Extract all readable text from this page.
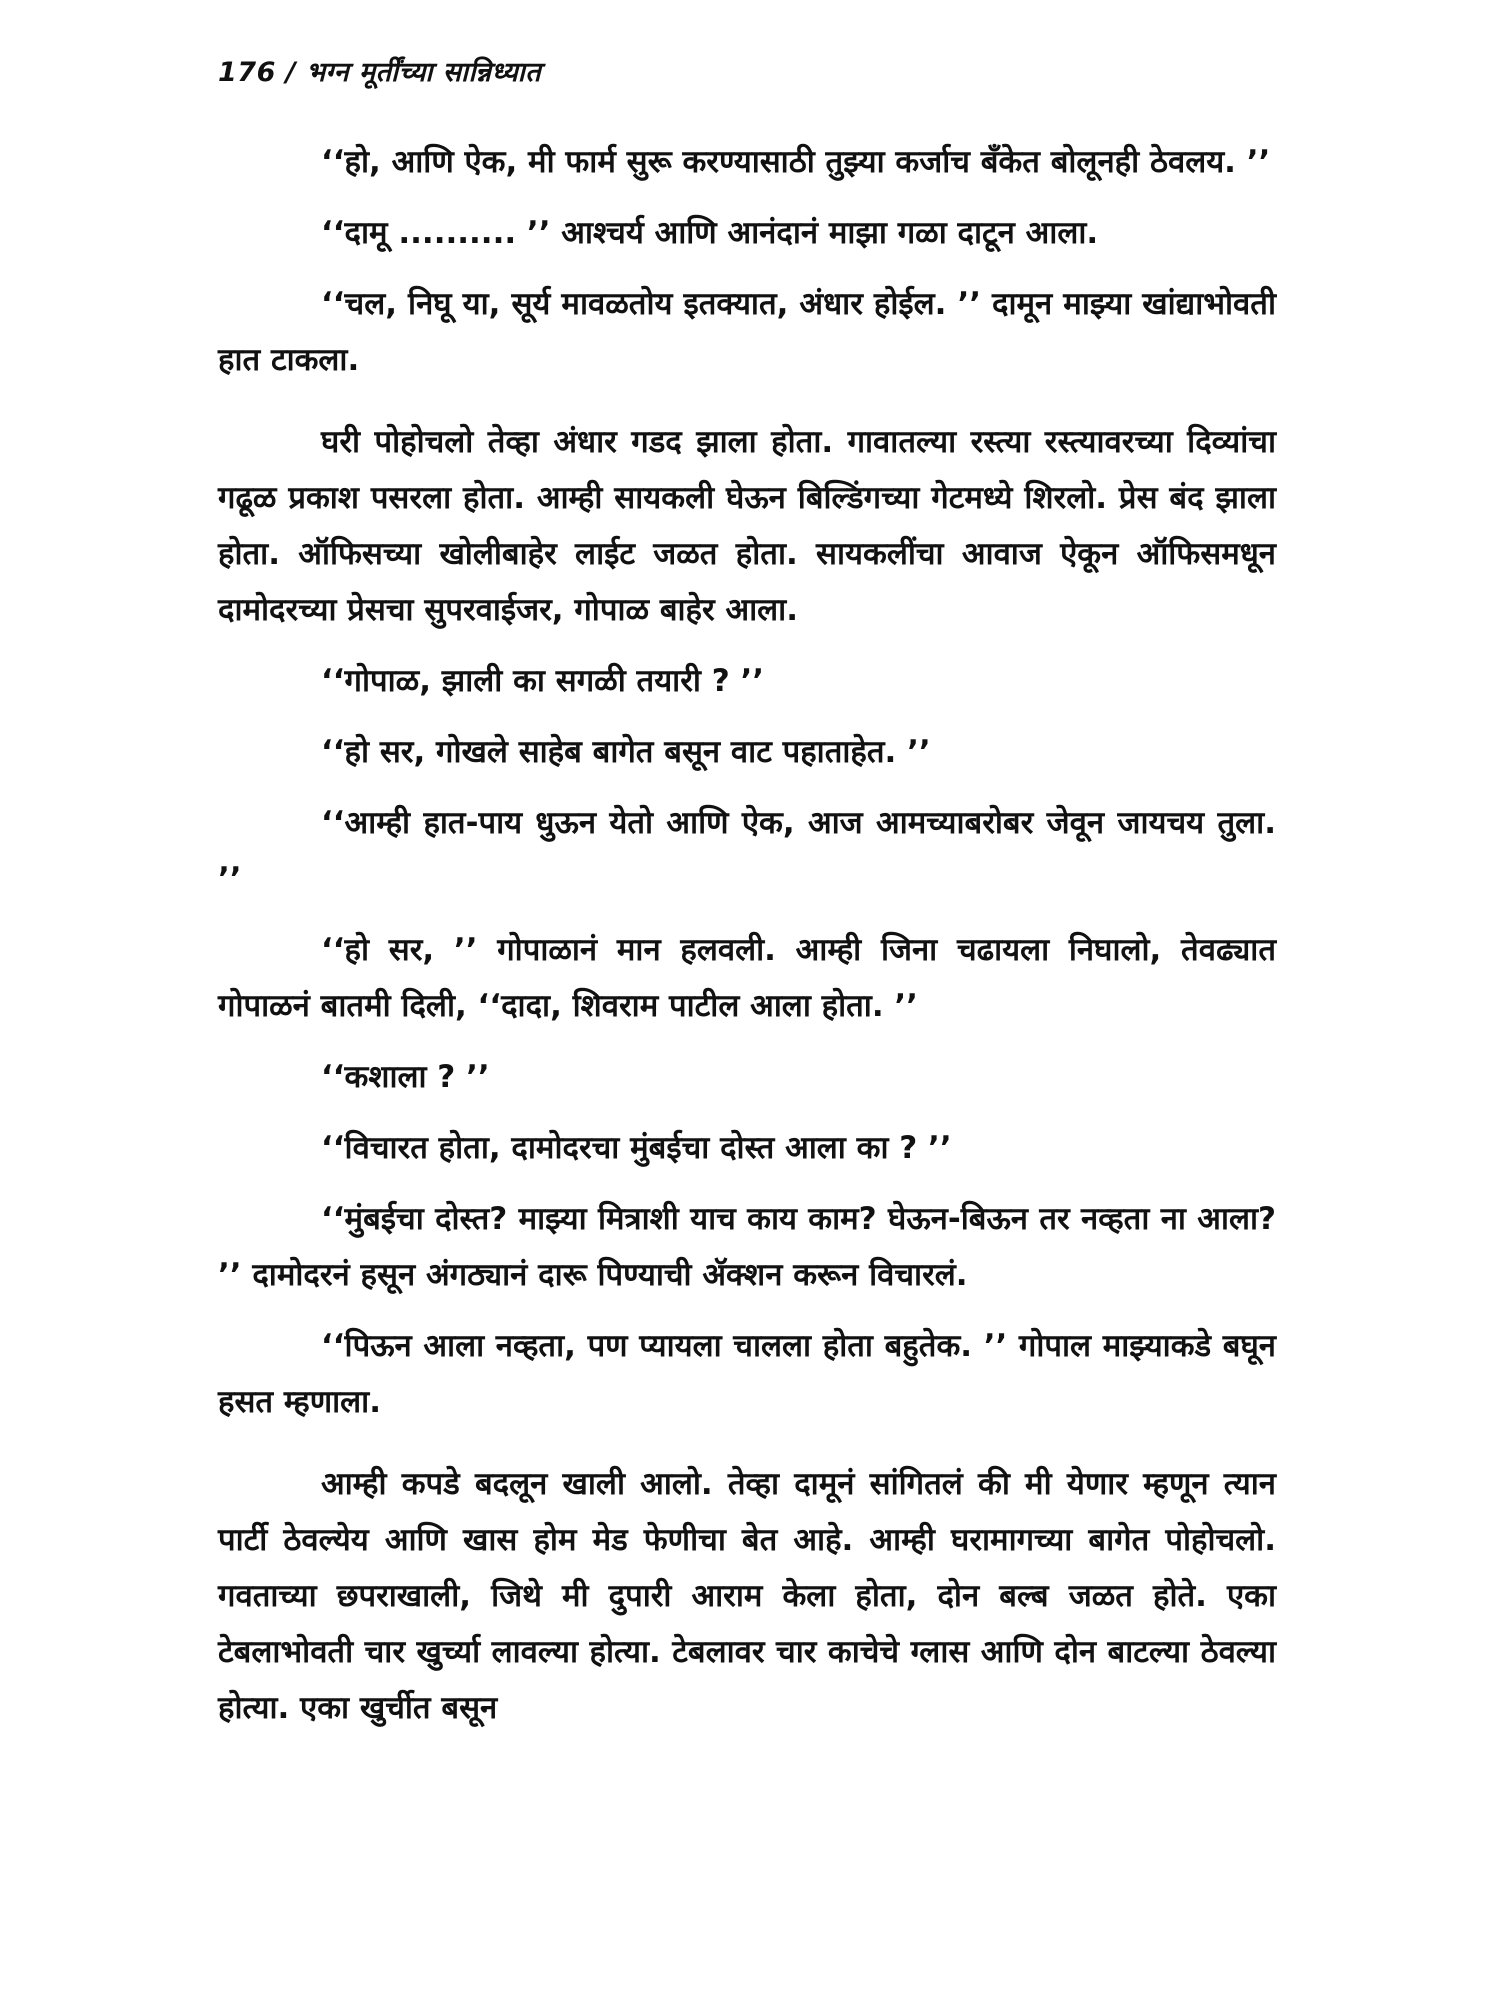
176 / भग्न मूर्तींच्या सान्निध्यात

‘‘हो, आणि ऐक, मी फार्म सुरू करण्यासाठी तुझ्या कर्जाच बँकेत बोलूनही ठेवलय. ’’

‘‘दामू .......... ’’ आश्चर्य आणि आनंदानं माझा गळा दाटून आला.

‘‘चल, निघू या, सूर्य मावळतोय इतक्यात, अंधार होईल. ’’ दामून माझ्या खांद्याभोवती हात टाकला.

घरी पोहोचलो तेव्हा अंधार गडद झाला होता. गावातल्या रस्त्या रस्त्यावरच्या दिव्यांचा गढूळ प्रकाश पसरला होता. आम्ही सायकली घेऊन बिल्डिंगच्या गेटमध्ये शिरलो. प्रेस बंद झाला होता. ऑफिसच्या खोलीबाहेर लाईट जळत होता. सायकलींचा आवाज ऐकून ऑफिसमधून दामोदरच्या प्रेसचा सुपरवाईजर, गोपाळ बाहेर आला.

‘‘गोपाळ, झाली का सगळी तयारी ? ’’

‘‘हो सर, गोखले साहेब बागेत बसून वाट पहाताहेत. ’’

‘‘आम्ही हात-पाय धुऊन येतो आणि ऐक, आज आमच्याबरोबर जेवून जायचय तुला. ’’

‘‘हो सर, ’’ गोपाळानं मान हलवली. आम्ही जिना चढायला निघालो, तेवढ्यात गोपाळनं बातमी दिली, ‘‘दादा, शिवराम पाटील आला होता. ’’

‘‘कशाला ? ’’

‘‘विचारत होता, दामोदरचा मुंबईचा दोस्त आला का ? ’’

‘‘मुंबईचा दोस्त? माझ्या मित्राशी याच काय काम? घेऊन-बिऊन तर नव्हता ना आला? ’’ दामोदरनं हसून अंगठ्यानं दारू पिण्याची ॲक्शन करून विचारलं.

‘‘पिऊन आला नव्हता, पण प्यायला चालला होता बहुतेक. ’’ गोपाल माझ्याकडे बघून हसत म्हणाला.

आम्ही कपडे बदलून खाली आलो. तेव्हा दामूनं सांगितलं की मी येणार म्हणून त्यान पार्टी ठेवल्येय आणि खास होम मेड फेणीचा बेत आहे. आम्ही घरामागच्या बागेत पोहोचलो. गवताच्या छपराखाली, जिथे मी दुपारी आराम केला होता, दोन बल्ब जळत होते. एका टेबलाभोवती चार खुर्च्या लावल्या होत्या. टेबलावर चार काचेचे ग्लास आणि दोन बाटल्या ठेवल्या होत्या. एका खुर्चीत बसून
